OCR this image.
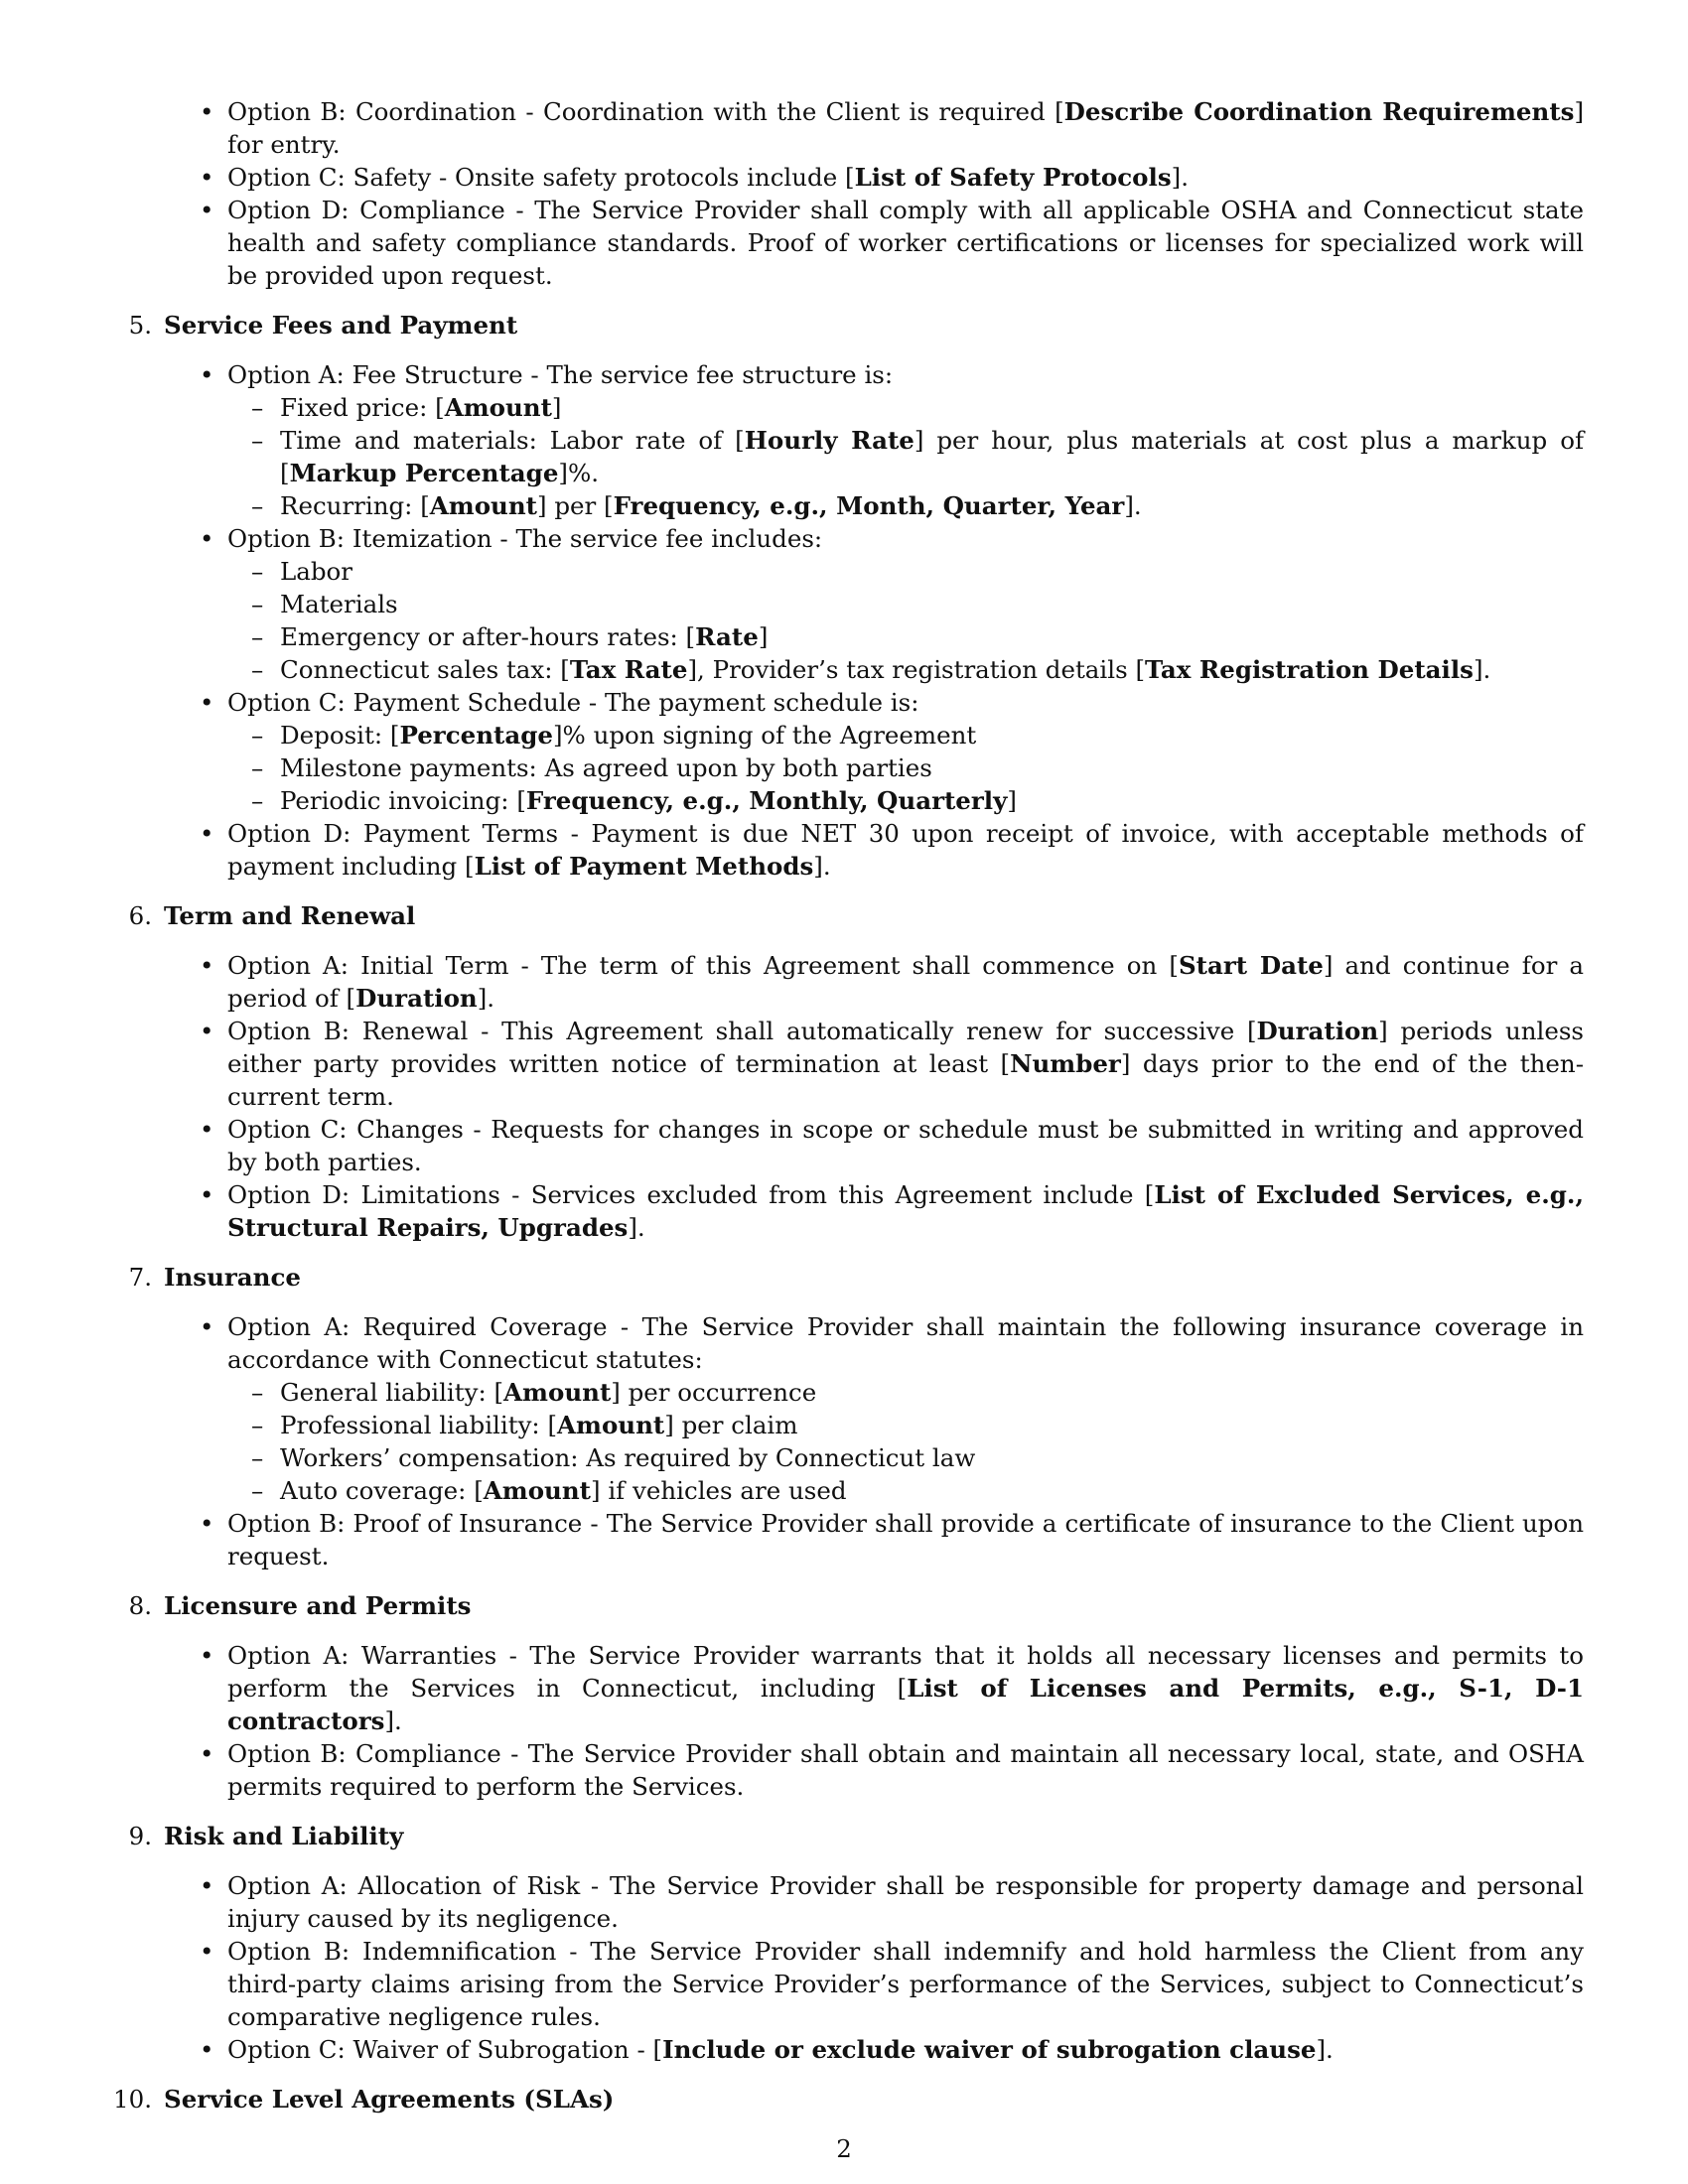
• Option B: Coordination - Coordination with the Client is required [Describe Coordination Requirements] for entry.
• Option C: Safety - Onsite safety protocols include [List of Safety Protocols].
• Option D: Compliance - The Service Provider shall comply with all applicable OSHA and Connecticut state health and safety compliance standards. Proof of worker certifications or licenses for specialized work will be provided upon request.
5. Service Fees and Payment
• Option A: Fee Structure - The service fee structure is:
– Fixed price: [Amount]
– Time and materials: Labor rate of [Hourly Rate] per hour, plus materials at cost plus a markup of [Markup Percentage]%.
– Recurring: [Amount] per [Frequency, e.g., Month, Quarter, Year].
• Option B: Itemization - The service fee includes:
– Labor
– Materials
– Emergency or after-hours rates: [Rate]
– Connecticut sales tax: [Tax Rate], Provider’s tax registration details [Tax Registration Details].
• Option C: Payment Schedule - The payment schedule is:
– Deposit: [Percentage]% upon signing of the Agreement
– Milestone payments: As agreed upon by both parties
– Periodic invoicing: [Frequency, e.g., Monthly, Quarterly]
• Option D: Payment Terms - Payment is due NET 30 upon receipt of invoice, with acceptable methods of payment including [List of Payment Methods].
6. Term and Renewal
• Option A: Initial Term - The term of this Agreement shall commence on [Start Date] and continue for a period of [Duration].
• Option B: Renewal - This Agreement shall automatically renew for successive [Duration] periods unless either party provides written notice of termination at least [Number] days prior to the end of the then-current term.
• Option C: Changes - Requests for changes in scope or schedule must be submitted in writing and approved by both parties.
• Option D: Limitations - Services excluded from this Agreement include [List of Excluded Services, e.g., Structural Repairs, Upgrades].
7. Insurance
• Option A: Required Coverage - The Service Provider shall maintain the following insurance coverage in accordance with Connecticut statutes:
– General liability: [Amount] per occurrence
– Professional liability: [Amount] per claim
– Workers’ compensation: As required by Connecticut law
– Auto coverage: [Amount] if vehicles are used
• Option B: Proof of Insurance - The Service Provider shall provide a certificate of insurance to the Client upon request.
8. Licensure and Permits
• Option A: Warranties - The Service Provider warrants that it holds all necessary licenses and permits to perform the Services in Connecticut, including [List of Licenses and Permits, e.g., S-1, D-1 contractors].
• Option B: Compliance - The Service Provider shall obtain and maintain all necessary local, state, and OSHA permits required to perform the Services.
9. Risk and Liability
• Option A: Allocation of Risk - The Service Provider shall be responsible for property damage and personal injury caused by its negligence.
• Option B: Indemnification - The Service Provider shall indemnify and hold harmless the Client from any third-party claims arising from the Service Provider’s performance of the Services, subject to Connecticut’s comparative negligence rules.
• Option C: Waiver of Subrogation - [Include or exclude waiver of subrogation clause].
10. Service Level Agreements (SLAs)
2
